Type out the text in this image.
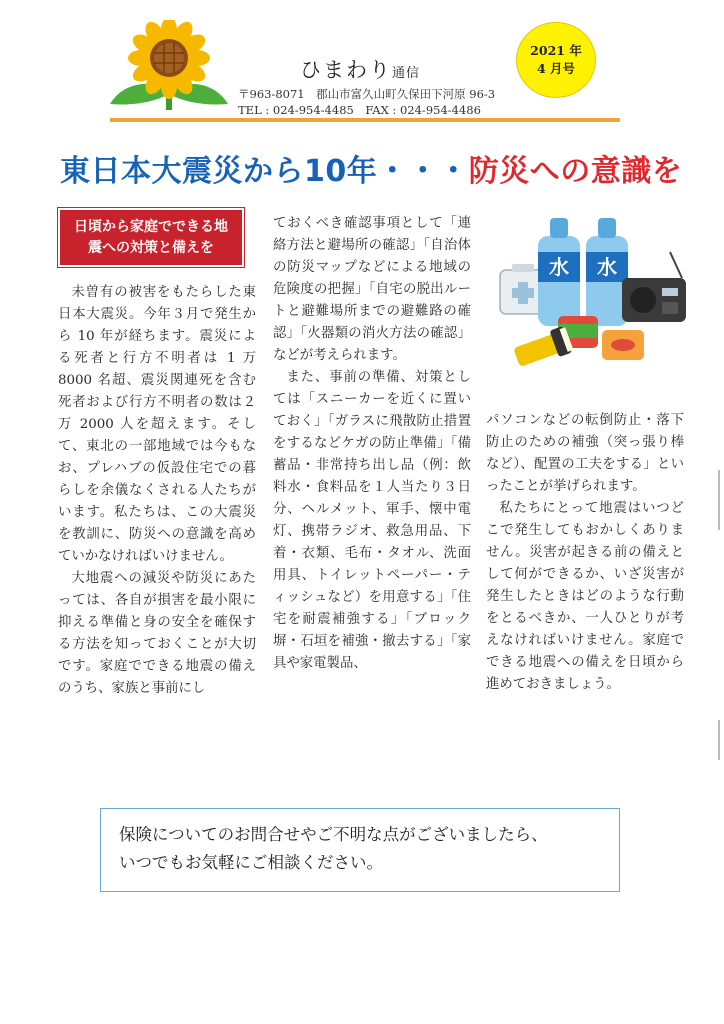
ひまわり通信
〒963-8071　郡山市富久山町久保田下河原 96-3
TEL : 024-954-4485　FAX : 024-954-4486
2021 年
4 月号
東日本大震災から10年・・・防災への意識を
日頃から家庭でできる地
震への対策と備えを

未曽有の被害をもたらした東日本大震災。今年３月で発生から 10 年が経ちます。震災による死者と行方不明者は 1 万 8000 名超、震災関連死を含む死者および行方不明者の数は２万 2000 人を超えます。そして、東北の一部地域では今もなお、プレハブの仮設住宅での暮らしを余儀なくされる人たちがいます。私たちは、この大震災を教訓に、防災への意識を高めていかなければいけません。

大地震への減災や防災にあたっては、各自が損害を最小限に抑える準備と身の安全を確保する方法を知っておくことが大切です。家庭でできる地震の備えのうち、家族と事前にし

ておくべき確認事項として「連絡方法と避場所の確認」「自治体の防災マップなどによる地域の危険度の把握」「自宅の脱出ルートと避難場所までの避難路の確認」「火器類の消火方法の確認」などが考えられます。

また、事前の準備、対策としては「スニーカーを近くに置いておく」「ガラスに飛散防止措置をするなどケガの防止準備」「備蓄品・非常持ち出し品（例：飲料水・食料品を１人当たり３日分、ヘルメット、軍手、懐中電灯、携帯ラジオ、救急用品、下着・衣類、毛布・タオル、洗面用具、トイレットペーパー・ティッシュなど）を用意する」「住宅を耐震補強する」「ブロック塀・石垣を補強・撤去する」「家具や家電製品、

水 水

パソコンなどの転倒防止・落下防止のための補強（突っ張り棒など）、配置の工夫をする」といったことが挙げられます。

私たちにとって地震はいつどこで発生してもおかしくありません。災害が起きる前の備えとして何ができるか、いざ災害が発生したときはどのような行動をとるべきか、一人ひとりが考えなければいけません。家庭でできる地震への備えを日頃から進めておきましょう。

保険についてのお問合せやご不明な点がございましたら、
いつでもお気軽にご相談ください。
